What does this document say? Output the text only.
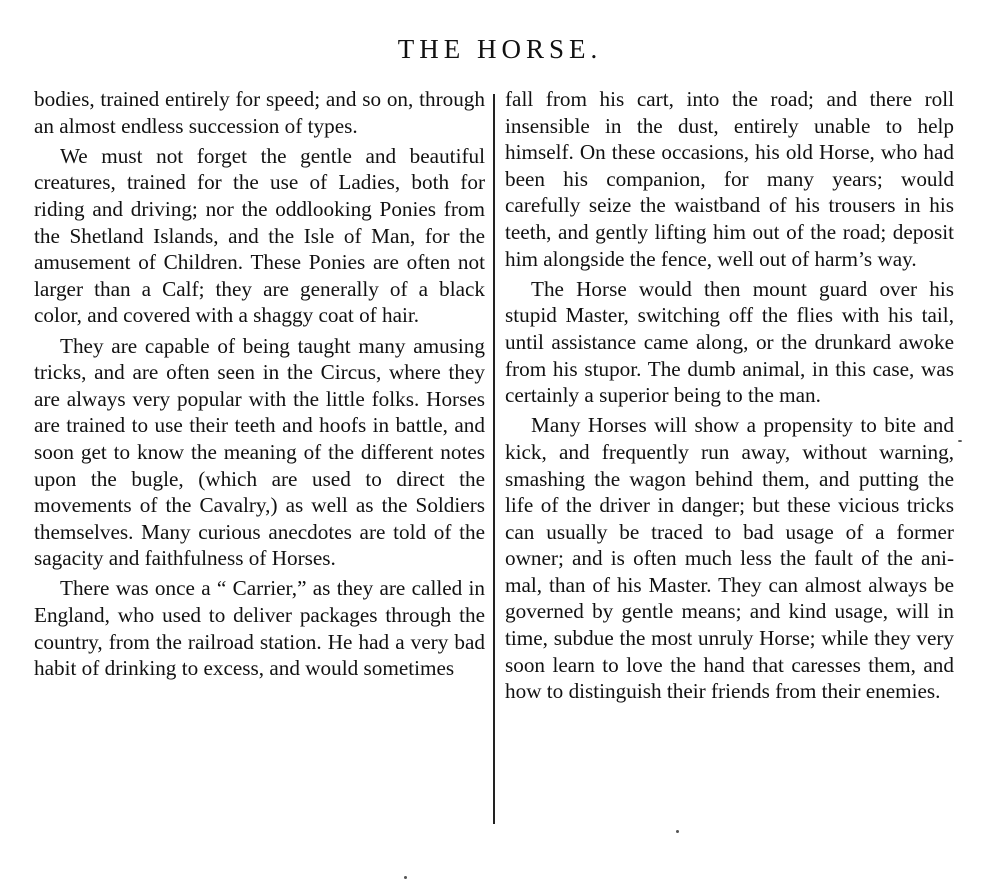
THE HORSE.

bodies, trained entirely for speed; and so on, through an almost endless succession of types.

We must not forget the gentle and beautiful creatures, trained for the use of Ladies, both for riding and driving; nor the oddlooking Ponies from the Shetland Islands, and the Isle of Man, for the amusement of Children. These Ponies are often not larger than a Calf; they are generally of a black color, and covered with a shaggy coat of hair.

They are capable of being taught many amusing tricks, and are often seen in the Circus, where they are always very popular with the little folks. Horses are trained to use their teeth and hoofs in battle, and soon get to know the meaning of the different notes upon the bugle, (which are used to direct the movements of the Cavalry,) as well as the Soldiers themselves. Many curious anecdotes are told of the sagacity and faithfulness of Horses.

There was once a “ Carrier,” as they are called in England, who used to deliver packages through the country, from the railroad station. He had a very bad habit of drinking to excess, and would sometimes

fall from his cart, into the road; and there roll insensible in the dust, entirely unable to help himself. On these occasions, his old Horse, who had been his companion, for many years; would carefully seize the waistband of his trousers in his teeth, and gently lifting him out of the road; deposit him alongside the fence, well out of harm’s way.

The Horse would then mount guard over his stupid Master, switching off the flies with his tail, until assistance came along, or the drunkard awoke from his stupor. The dumb animal, in this case, was certainly a superior being to the man.

Many Horses will show a propensity to bite and kick, and frequently run away, without warning, smashing the wagon behind them, and putting the life of the driver in danger; but these vicious tricks can usually be traced to bad usage of a former owner; and is often much less the fault of the animal, than of his Master. They can almost always be governed by gentle means; and kind usage, will in time, subdue the most unruly Horse; while they very soon learn to love the hand that caresses them, and how to distinguish their friends from their enemies.
